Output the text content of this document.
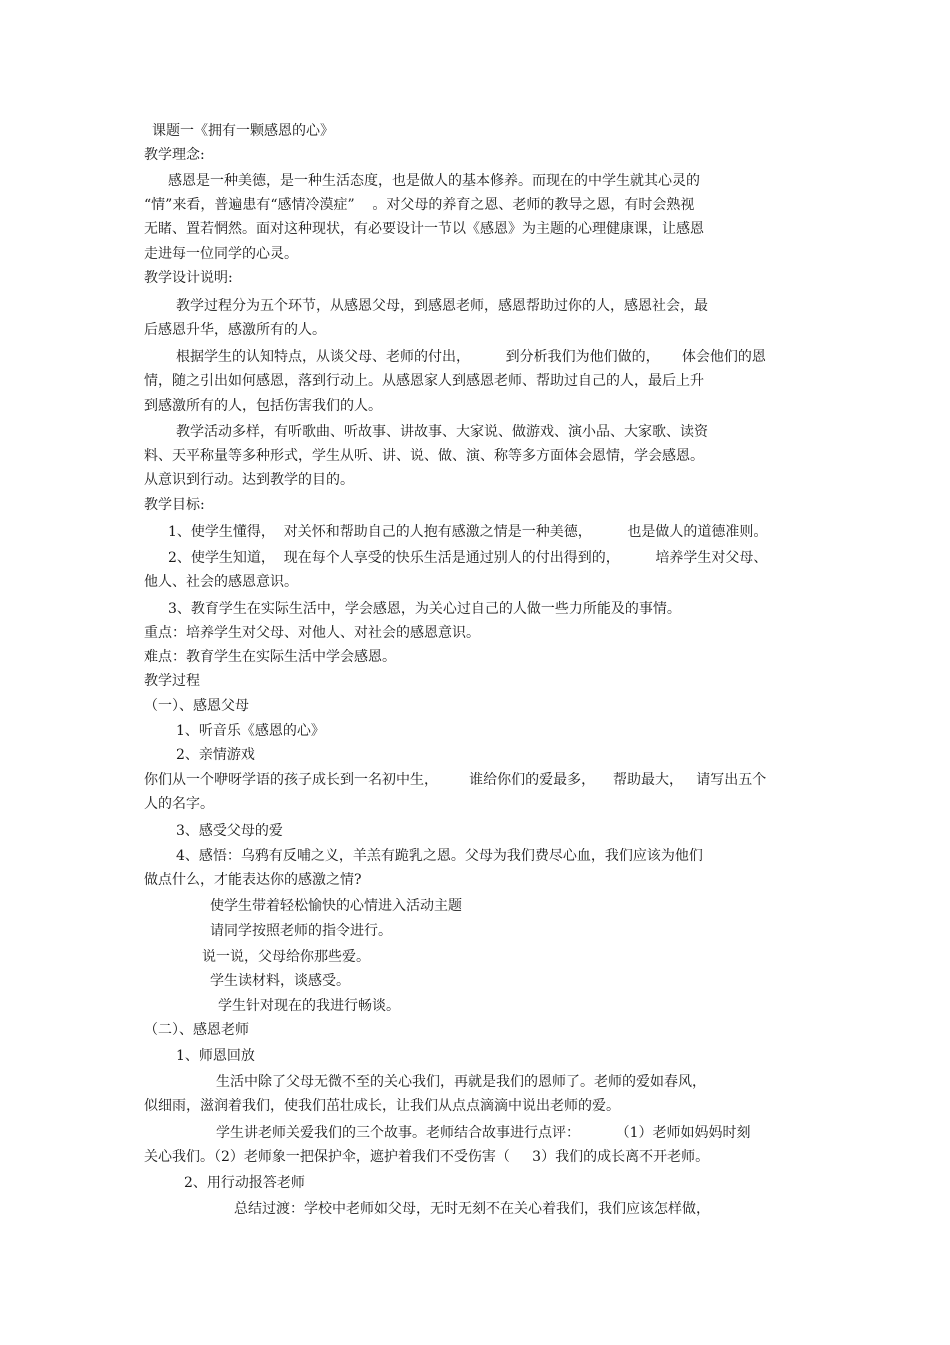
课题一《拥有一颗感恩的心》

教学理念:

感恩是一种美德，是一种生活态度，也是做人的基本修养。而现在的中学生就其心灵的

“情”来看，普遍患有“感情冷漠症”    。对父母的养育之恩、老师的教导之恩，有时会熟视

无睹、置若惘然。面对这种现状，有必要设计一节以《感恩》为主题的心理健康课，让感恩

走进每一位同学的心灵。

教学设计说明:

教学过程分为五个环节，从感恩父母，到感恩老师，感恩帮助过你的人，感恩社会，最

后感恩升华，感激所有的人。

根据学生的认知特点，从谈父母、老师的付出，        到分析我们为他们做的，     体会他们的恩

情，随之引出如何感恩，落到行动上。从感恩家人到感恩老师、帮助过自己的人，最后上升

到感激所有的人，包括伤害我们的人。

教学活动多样，有听歌曲、听故事、讲故事、大家说、做游戏、演小品、大家歌、读资

料、天平称量等多种形式，学生从听、讲、说、做、演、称等多方面体会恩情，学会感恩。

从意识到行动。达到教学的目的。

教学目标:

1、使学生懂得，  对关怀和帮助自己的人抱有感激之情是一种美德，        也是做人的道德准则。

2、使学生知道，  现在每个人享受的快乐生活是通过别人的付出得到的，        培养学生对父母、

他人、社会的感恩意识。

3、教育学生在实际生活中，学会感恩，为关心过自己的人做一些力所能及的事情。

重点：培养学生对父母、对他人、对社会的感恩意识。

难点：教育学生在实际生活中学会感恩。

教学过程

（一）、感恩父母

1、听音乐《感恩的心》

2、亲情游戏

你们从一个咿呀学语的孩子成长到一名初中生，       谁给你们的爱最多，    帮助最大，   请写出五个

人的名字。

3、感受父母的爱

4、感悟：乌鸦有反哺之义，羊羔有跪乳之恩。父母为我们费尽心血，我们应该为他们

做点什么，才能表达你的感激之情?

使学生带着轻松愉快的心情进入活动主题

请同学按照老师的指令进行。

说一说，父母给你那些爱。

学生读材料，谈感受。

学生针对现在的我进行畅谈。

（二）、感恩老师

1、师恩回放

生活中除了父母无微不至的关心我们，再就是我们的恩师了。老师的爱如春风，

似细雨，滋润着我们，使我们茁壮成长，让我们从点点滴滴中说出老师的爱。

学生讲老师关爱我们的三个故事。老师结合故事进行点评：        （1）老师如妈妈时刻

关心我们。（2）老师象一把保护伞，遮护着我们不受伤害（     3）我们的成长离不开老师。

2、用行动报答老师

总结过渡：学校中老师如父母，无时无刻不在关心着我们，我们应该怎样做，
